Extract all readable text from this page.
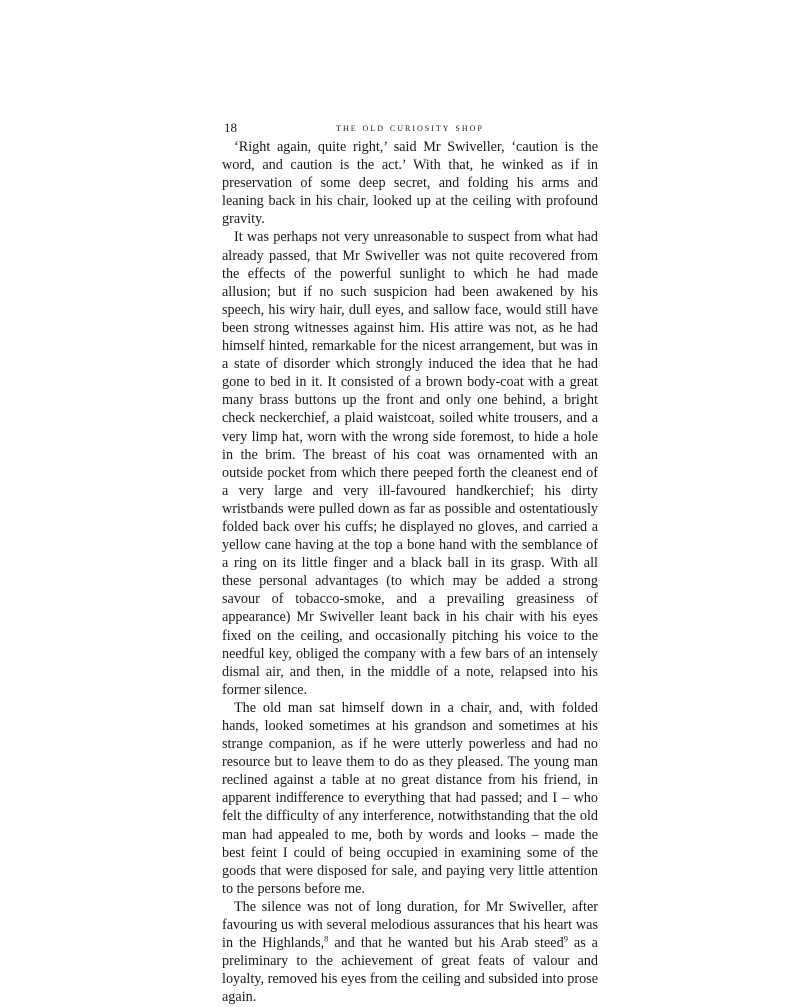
18	the old curiosity shop

‘Right again, quite right,’ said Mr Swiveller, ‘caution is the word, and caution is the act.’ With that, he winked as if in preservation of some deep secret, and folding his arms and leaning back in his chair, looked up at the ceiling with profound gravity.

It was perhaps not very unreasonable to suspect from what had already passed, that Mr Swiveller was not quite recovered from the effects of the powerful sunlight to which he had made allusion; but if no such suspicion had been awakened by his speech, his wiry hair, dull eyes, and sallow face, would still have been strong witnesses against him. His attire was not, as he had himself hinted, remarkable for the nicest arrangement, but was in a state of disorder which strongly induced the idea that he had gone to bed in it. It consisted of a brown body-coat with a great many brass buttons up the front and only one behind, a bright check neckerchief, a plaid waistcoat, soiled white trousers, and a very limp hat, worn with the wrong side foremost, to hide a hole in the brim. The breast of his coat was ornamented with an outside pocket from which there peeped forth the cleanest end of a very large and very ill-favoured handkerchief; his dirty wristbands were pulled down as far as possible and ostentatiously folded back over his cuffs; he displayed no gloves, and carried a yellow cane having at the top a bone hand with the semblance of a ring on its little finger and a black ball in its grasp. With all these personal advantages (to which may be added a strong savour of tobacco-smoke, and a prevailing greasiness of appearance) Mr Swiveller leant back in his chair with his eyes fixed on the ceiling, and occasionally pitching his voice to the needful key, obliged the company with a few bars of an intensely dismal air, and then, in the middle of a note, relapsed into his former silence.

The old man sat himself down in a chair, and, with folded hands, looked sometimes at his grandson and sometimes at his strange companion, as if he were utterly powerless and had no resource but to leave them to do as they pleased. The young man reclined against a table at no great distance from his friend, in apparent indifference to everything that had passed; and I – who felt the difficulty of any interference, notwithstanding that the old man had appealed to me, both by words and looks – made the best feint I could of being occupied in examining some of the goods that were disposed for sale, and paying very little attention to the persons before me.

The silence was not of long duration, for Mr Swiveller, after favouring us with several melodious assurances that his heart was in the Highlands,$^8$ and that he wanted but his Arab steed$^9$ as a preliminary to the achievement of great feats of valour and loyalty, removed his eyes from the ceiling and subsided into prose again.
